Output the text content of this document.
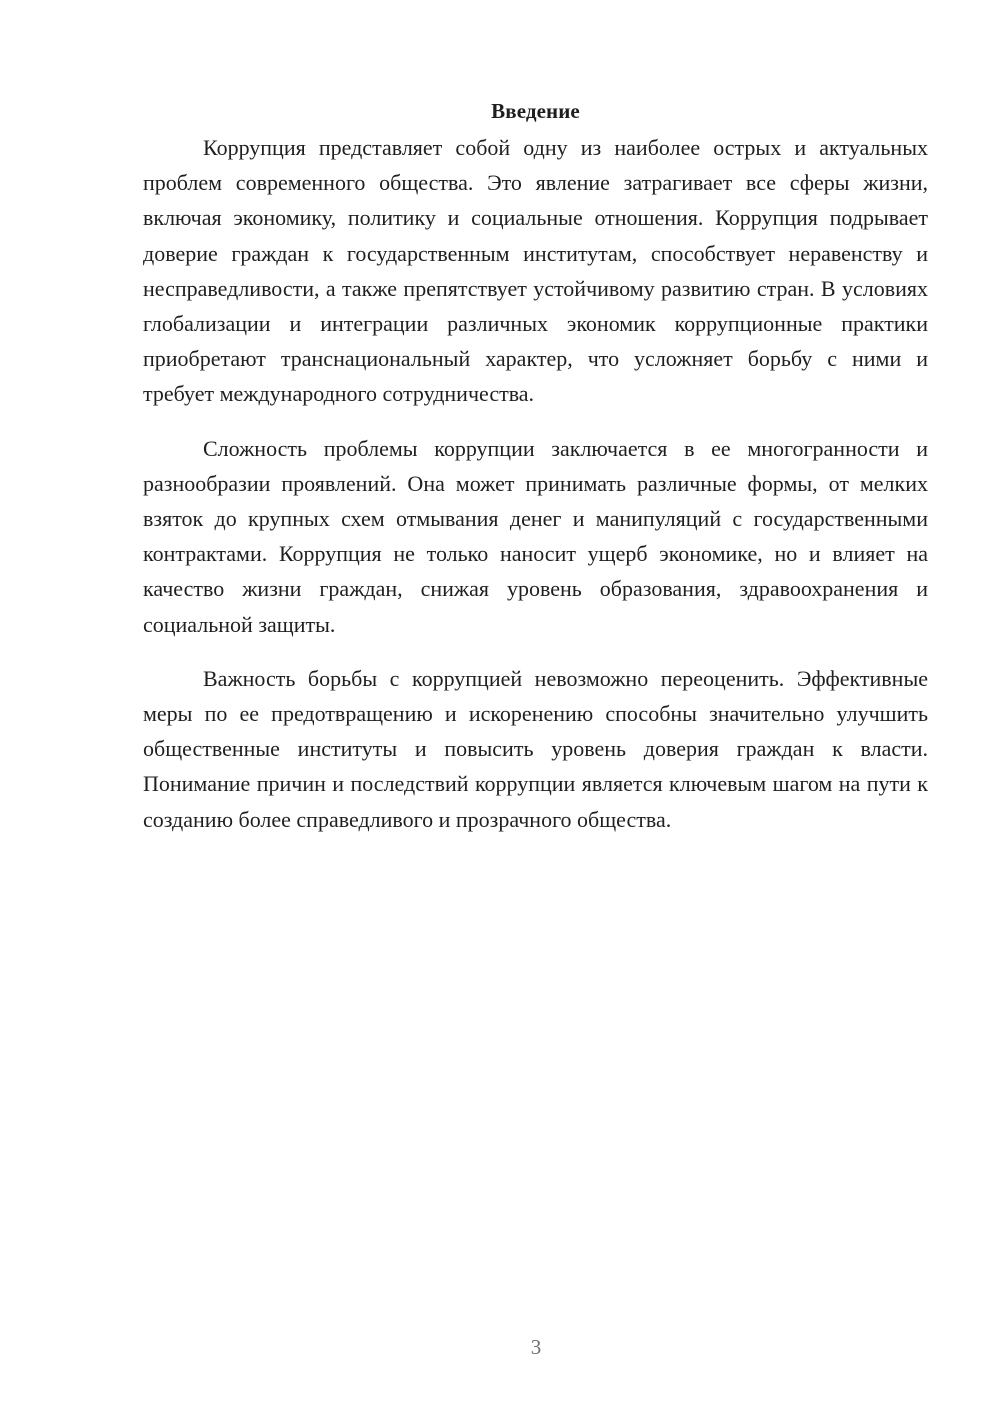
Введение

Коррупция представляет собой одну из наиболее острых и актуальных проблем современного общества. Это явление затрагивает все сферы жизни, включая экономику, политику и социальные отношения. Коррупция подрывает доверие граждан к государственным институтам, способствует неравенству и несправедливости, а также препятствует устойчивому развитию стран. В условиях глобализации и интеграции различных экономик коррупционные практики приобретают транснациональный характер, что усложняет борьбу с ними и требует международного сотрудничества.

Сложность проблемы коррупции заключается в ее многогранности и разнообразии проявлений. Она может принимать различные формы, от мелких взяток до крупных схем отмывания денег и манипуляций с государственными контрактами. Коррупция не только наносит ущерб экономике, но и влияет на качество жизни граждан, снижая уровень образования, здравоохранения и социальной защиты.

Важность борьбы с коррупцией невозможно переоценить. Эффективные меры по ее предотвращению и искоренению способны значительно улучшить общественные институты и повысить уровень доверия граждан к власти. Понимание причин и последствий коррупции является ключевым шагом на пути к созданию более справедливого и прозрачного общества.

3
